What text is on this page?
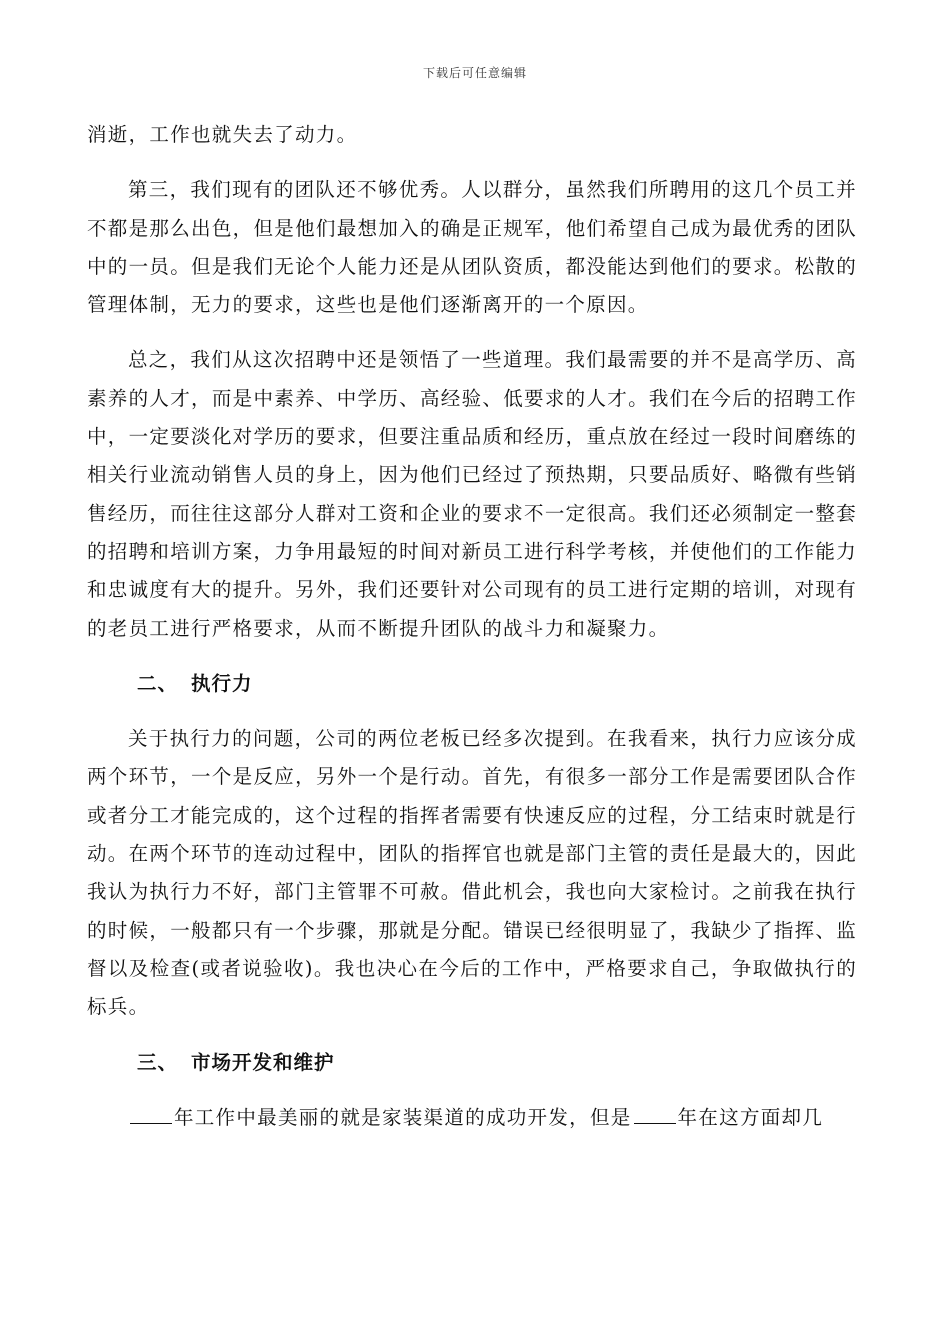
下载后可任意编辑

消逝，工作也就失去了动力。

第三，我们现有的团队还不够优秀。人以群分，虽然我们所聘用的这几个员工并不都是那么出色，但是他们最想加入的确是正规军，他们希望自己成为最优秀的团队中的一员。但是我们无论个人能力还是从团队资质，都没能达到他们的要求。松散的管理体制，无力的要求，这些也是他们逐渐离开的一个原因。

总之，我们从这次招聘中还是领悟了一些道理。我们最需要的并不是高学历、高素养的人才，而是中素养、中学历、高经验、低要求的人才。我们在今后的招聘工作中，一定要淡化对学历的要求，但要注重品质和经历，重点放在经过一段时间磨练的相关行业流动销售人员的身上，因为他们已经过了预热期，只要品质好、略微有些销售经历，而往往这部分人群对工资和企业的要求不一定很高。我们还必须制定一整套的招聘和培训方案，力争用最短的时间对新员工进行科学考核，并使他们的工作能力和忠诚度有大的提升。另外，我们还要针对公司现有的员工进行定期的培训，对现有的老员工进行严格要求，从而不断提升团队的战斗力和凝聚力。

二、 执行力

关于执行力的问题，公司的两位老板已经多次提到。在我看来，执行力应该分成两个环节，一个是反应，另外一个是行动。首先，有很多一部分工作是需要团队合作或者分工才能完成的，这个过程的指挥者需要有快速反应的过程，分工结束时就是行动。在两个环节的连动过程中，团队的指挥官也就是部门主管的责任是最大的，因此我认为执行力不好，部门主管罪不可赦。借此机会，我也向大家检讨。之前我在执行的时候，一般都只有一个步骤，那就是分配。错误已经很明显了，我缺少了指挥、监督以及检查(或者说验收)。我也决心在今后的工作中，严格要求自己，争取做执行的标兵。

三、 市场开发和维护

年工作中最美丽的就是家装渠道的成功开发，但是 年在这方面却几
